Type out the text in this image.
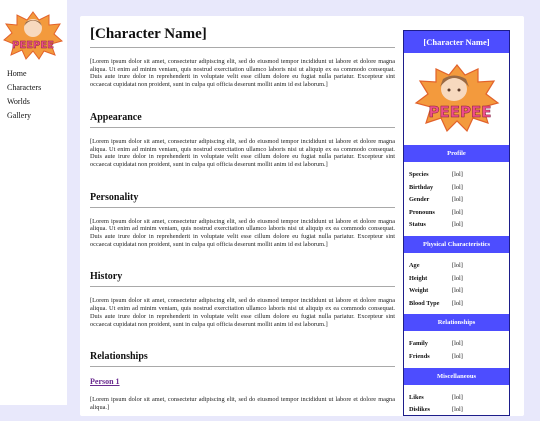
PEEPEE
Home
Characters
Worlds
Gallery
[Character Name]

[Lorem ipsum dolor sit amet, consectetur adipiscing elit, sed do eiusmod tempor incididunt ut labore et dolore magna aliqua. Ut enim ad minim veniam, quis nostrud exercitation ullamco laboris nisi ut aliquip ex ea commodo consequat. Duis aute irure dolor in reprehenderit in voluptate velit esse cillum dolore eu fugiat nulla pariatur. Excepteur sint occaecat cupidatat non proident, sunt in culpa qui officia deserunt mollit anim id est laborum.]

Appearance

[Lorem ipsum dolor sit amet, consectetur adipiscing elit, sed do eiusmod tempor incididunt ut labore et dolore magna aliqua. Ut enim ad minim veniam, quis nostrud exercitation ullamco laboris nisi ut aliquip ex ea commodo consequat. Duis aute irure dolor in reprehenderit in voluptate velit esse cillum dolore eu fugiat nulla pariatur. Excepteur sint occaecat cupidatat non proident, sunt in culpa qui officia deserunt mollit anim id est laborum.]

Personality

[Lorem ipsum dolor sit amet, consectetur adipiscing elit, sed do eiusmod tempor incididunt ut labore et dolore magna aliqua. Ut enim ad minim veniam, quis nostrud exercitation ullamco laboris nisi ut aliquip ex ea commodo consequat. Duis aute irure dolor in reprehenderit in voluptate velit esse cillum dolore eu fugiat nulla pariatur. Excepteur sint occaecat cupidatat non proident, sunt in culpa qui officia deserunt mollit anim id est laborum.]

History

[Lorem ipsum dolor sit amet, consectetur adipiscing elit, sed do eiusmod tempor incididunt ut labore et dolore magna aliqua. Ut enim ad minim veniam, quis nostrud exercitation ullamco laboris nisi ut aliquip ex ea commodo consequat. Duis aute irure dolor in reprehenderit in voluptate velit esse cillum dolore eu fugiat nulla pariatur. Excepteur sint occaecat cupidatat non proident, sunt in culpa qui officia deserunt mollit anim id est laborum.]

Relationships
Person 1

[Lorem ipsum dolor sit amet, consectetur adipiscing elit, sed do eiusmod tempor incididunt ut labore et dolore magna aliqua.]

[Character Name]
PEEPEE
Profile
Species	[lol]
Birthday	[lol]
Gender	[lol]
Pronouns	[lol]
Status	[lol]
Physical Characteristics
Age	[lol]
Height	[lol]
Weight	[lol]
Blood Type	[lol]
Relationships
Family	[lol]
Friends	[lol]
Miscellaneous
Likes	[lol]
Dislikes	[lol]
